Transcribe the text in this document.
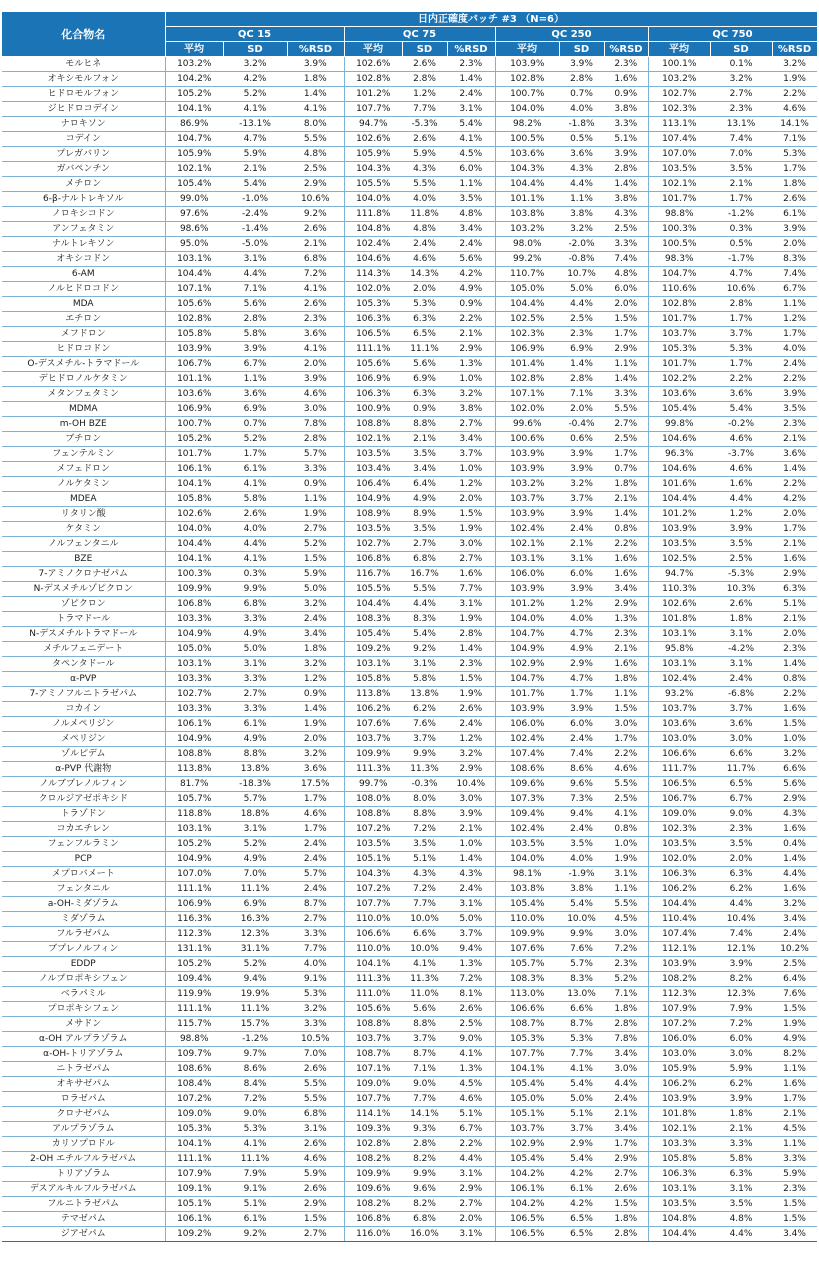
化合物名	日内正確度バッチ #3 （N=6）											
	QC 15			QC 75			QC 250			QC 750		
	平均	SD	%RSD	平均	SD	%RSD	平均	SD	%RSD	平均	SD	%RSD
モルヒネ	103.2%	3.2%	3.9%	102.6%	2.6%	2.3%	103.9%	3.9%	2.3%	100.1%	0.1%	3.2%
オキシモルフォン	104.2%	4.2%	1.8%	102.8%	2.8%	1.4%	102.8%	2.8%	1.6%	103.2%	3.2%	1.9%
ヒドロモルフォン	105.2%	5.2%	1.4%	101.2%	1.2%	2.4%	100.7%	0.7%	0.9%	102.7%	2.7%	2.2%
ジヒドロコデイン	104.1%	4.1%	4.1%	107.7%	7.7%	3.1%	104.0%	4.0%	3.8%	102.3%	2.3%	4.6%
ナロキソン	86.9%	-13.1%	8.0%	94.7%	-5.3%	5.4%	98.2%	-1.8%	3.3%	113.1%	13.1%	14.1%
コデイン	104.7%	4.7%	5.5%	102.6%	2.6%	4.1%	100.5%	0.5%	5.1%	107.4%	7.4%	7.1%
プレガバリン	105.9%	5.9%	4.8%	105.9%	5.9%	4.5%	103.6%	3.6%	3.9%	107.0%	7.0%	5.3%
ガバペンチン	102.1%	2.1%	2.5%	104.3%	4.3%	6.0%	104.3%	4.3%	2.8%	103.5%	3.5%	1.7%
メチロン	105.4%	5.4%	2.9%	105.5%	5.5%	1.1%	104.4%	4.4%	1.4%	102.1%	2.1%	1.8%
6-β-ナルトレキソル	99.0%	-1.0%	10.6%	104.0%	4.0%	3.5%	101.1%	1.1%	3.8%	101.7%	1.7%	2.6%
ノロキシコドン	97.6%	-2.4%	9.2%	111.8%	11.8%	4.8%	103.8%	3.8%	4.3%	98.8%	-1.2%	6.1%
アンフェタミン	98.6%	-1.4%	2.6%	104.8%	4.8%	3.4%	103.2%	3.2%	2.5%	100.3%	0.3%	3.9%
ナルトレキソン	95.0%	-5.0%	2.1%	102.4%	2.4%	2.4%	98.0%	-2.0%	3.3%	100.5%	0.5%	2.0%
オキシコドン	103.1%	3.1%	6.8%	104.6%	4.6%	5.6%	99.2%	-0.8%	7.4%	98.3%	-1.7%	8.3%
6-AM	104.4%	4.4%	7.2%	114.3%	14.3%	4.2%	110.7%	10.7%	4.8%	104.7%	4.7%	7.4%
ノルヒドロコドン	107.1%	7.1%	4.1%	102.0%	2.0%	4.9%	105.0%	5.0%	6.0%	110.6%	10.6%	6.7%
MDA	105.6%	5.6%	2.6%	105.3%	5.3%	0.9%	104.4%	4.4%	2.0%	102.8%	2.8%	1.1%
エチロン	102.8%	2.8%	2.3%	106.3%	6.3%	2.2%	102.5%	2.5%	1.5%	101.7%	1.7%	1.2%
メフドロン	105.8%	5.8%	3.6%	106.5%	6.5%	2.1%	102.3%	2.3%	1.7%	103.7%	3.7%	1.7%
ヒドロコドン	103.9%	3.9%	4.1%	111.1%	11.1%	2.9%	106.9%	6.9%	2.9%	105.3%	5.3%	4.0%
O-デスメチル-トラマドール	106.7%	6.7%	2.0%	105.6%	5.6%	1.3%	101.4%	1.4%	1.1%	101.7%	1.7%	2.4%
デヒドロノルケタミン	101.1%	1.1%	3.9%	106.9%	6.9%	1.0%	102.8%	2.8%	1.4%	102.2%	2.2%	2.2%
メタンフェタミン	103.6%	3.6%	4.6%	106.3%	6.3%	3.2%	107.1%	7.1%	3.3%	103.6%	3.6%	3.9%
MDMA	106.9%	6.9%	3.0%	100.9%	0.9%	3.8%	102.0%	2.0%	5.5%	105.4%	5.4%	3.5%
m-OH BZE	100.7%	0.7%	7.8%	108.8%	8.8%	2.7%	99.6%	-0.4%	2.7%	99.8%	-0.2%	2.3%
ブチロン	105.2%	5.2%	2.8%	102.1%	2.1%	3.4%	100.6%	0.6%	2.5%	104.6%	4.6%	2.1%
フェンテルミン	101.7%	1.7%	5.7%	103.5%	3.5%	3.7%	103.9%	3.9%	1.7%	96.3%	-3.7%	3.6%
メフェドロン	106.1%	6.1%	3.3%	103.4%	3.4%	1.0%	103.9%	3.9%	0.7%	104.6%	4.6%	1.4%
ノルケタミン	104.1%	4.1%	0.9%	106.4%	6.4%	1.2%	103.2%	3.2%	1.8%	101.6%	1.6%	2.2%
MDEA	105.8%	5.8%	1.1%	104.9%	4.9%	2.0%	103.7%	3.7%	2.1%	104.4%	4.4%	4.2%
リタリン酸	102.6%	2.6%	1.9%	108.9%	8.9%	1.5%	103.9%	3.9%	1.4%	101.2%	1.2%	2.0%
ケタミン	104.0%	4.0%	2.7%	103.5%	3.5%	1.9%	102.4%	2.4%	0.8%	103.9%	3.9%	1.7%
ノルフェンタニル	104.4%	4.4%	5.2%	102.7%	2.7%	3.0%	102.1%	2.1%	2.2%	103.5%	3.5%	2.1%
BZE	104.1%	4.1%	1.5%	106.8%	6.8%	2.7%	103.1%	3.1%	1.6%	102.5%	2.5%	1.6%
7-アミノクロナゼパム	100.3%	0.3%	5.9%	116.7%	16.7%	1.6%	106.0%	6.0%	1.6%	94.7%	-5.3%	2.9%
N-デスメチルゾピクロン	109.9%	9.9%	5.0%	105.5%	5.5%	7.7%	103.9%	3.9%	3.4%	110.3%	10.3%	6.3%
ゾピクロン	106.8%	6.8%	3.2%	104.4%	4.4%	3.1%	101.2%	1.2%	2.9%	102.6%	2.6%	5.1%
トラマドール	103.3%	3.3%	2.4%	108.3%	8.3%	1.9%	104.0%	4.0%	1.3%	101.8%	1.8%	2.1%
N-デスメチルトラマドール	104.9%	4.9%	3.4%	105.4%	5.4%	2.8%	104.7%	4.7%	2.3%	103.1%	3.1%	2.0%
メチルフェニデート	105.0%	5.0%	1.8%	109.2%	9.2%	1.4%	104.9%	4.9%	2.1%	95.8%	-4.2%	2.3%
タペンタドール	103.1%	3.1%	3.2%	103.1%	3.1%	2.3%	102.9%	2.9%	1.6%	103.1%	3.1%	1.4%
α-PVP	103.3%	3.3%	1.2%	105.8%	5.8%	1.5%	104.7%	4.7%	1.8%	102.4%	2.4%	0.8%
7-アミノフルニトラゼパム	102.7%	2.7%	0.9%	113.8%	13.8%	1.9%	101.7%	1.7%	1.1%	93.2%	-6.8%	2.2%
コカイン	103.3%	3.3%	1.4%	106.2%	6.2%	2.6%	103.9%	3.9%	1.5%	103.7%	3.7%	1.6%
ノルメペリジン	106.1%	6.1%	1.9%	107.6%	7.6%	2.4%	106.0%	6.0%	3.0%	103.6%	3.6%	1.5%
メペリジン	104.9%	4.9%	2.0%	103.7%	3.7%	1.2%	102.4%	2.4%	1.7%	103.0%	3.0%	1.0%
ゾルピデム	108.8%	8.8%	3.2%	109.9%	9.9%	3.2%	107.4%	7.4%	2.2%	106.6%	6.6%	3.2%
α-PVP 代謝物	113.8%	13.8%	3.6%	111.3%	11.3%	2.9%	108.6%	8.6%	4.6%	111.7%	11.7%	6.6%
ノルブプレノルフィン	81.7%	-18.3%	17.5%	99.7%	-0.3%	10.4%	109.6%	9.6%	5.5%	106.5%	6.5%	5.6%
クロルジアゼポキシド	105.7%	5.7%	1.7%	108.0%	8.0%	3.0%	107.3%	7.3%	2.5%	106.7%	6.7%	2.9%
トラゾドン	118.8%	18.8%	4.6%	108.8%	8.8%	3.9%	109.4%	9.4%	4.1%	109.0%	9.0%	4.3%
コカエチレン	103.1%	3.1%	1.7%	107.2%	7.2%	2.1%	102.4%	2.4%	0.8%	102.3%	2.3%	1.6%
フェンフルラミン	105.2%	5.2%	2.4%	103.5%	3.5%	1.0%	103.5%	3.5%	1.0%	103.5%	3.5%	0.4%
PCP	104.9%	4.9%	2.4%	105.1%	5.1%	1.4%	104.0%	4.0%	1.9%	102.0%	2.0%	1.4%
メプロバメート	107.0%	7.0%	5.7%	104.3%	4.3%	4.3%	98.1%	-1.9%	3.1%	106.3%	6.3%	4.4%
フェンタニル	111.1%	11.1%	2.4%	107.2%	7.2%	2.4%	103.8%	3.8%	1.1%	106.2%	6.2%	1.6%
a-OH-ミダゾラム	106.9%	6.9%	8.7%	107.7%	7.7%	3.1%	105.4%	5.4%	5.5%	104.4%	4.4%	3.2%
ミダゾラム	116.3%	16.3%	2.7%	110.0%	10.0%	5.0%	110.0%	10.0%	4.5%	110.4%	10.4%	3.4%
フルラゼパム	112.3%	12.3%	3.3%	106.6%	6.6%	3.7%	109.9%	9.9%	3.0%	107.4%	7.4%	2.4%
ブプレノルフィン	131.1%	31.1%	7.7%	110.0%	10.0%	9.4%	107.6%	7.6%	7.2%	112.1%	12.1%	10.2%
EDDP	105.2%	5.2%	4.0%	104.1%	4.1%	1.3%	105.7%	5.7%	2.3%	103.9%	3.9%	2.5%
ノルプロポキシフェン	109.4%	9.4%	9.1%	111.3%	11.3%	7.2%	108.3%	8.3%	5.2%	108.2%	8.2%	6.4%
ベラパミル	119.9%	19.9%	5.3%	111.0%	11.0%	8.1%	113.0%	13.0%	7.1%	112.3%	12.3%	7.6%
プロポキシフェン	111.1%	11.1%	3.2%	105.6%	5.6%	2.6%	106.6%	6.6%	1.8%	107.9%	7.9%	1.5%
メサドン	115.7%	15.7%	3.3%	108.8%	8.8%	2.5%	108.7%	8.7%	2.8%	107.2%	7.2%	1.9%
α-OH アルプラゾラム	98.8%	-1.2%	10.5%	103.7%	3.7%	9.0%	105.3%	5.3%	7.8%	106.0%	6.0%	4.9%
α-OH-トリアゾラム	109.7%	9.7%	7.0%	108.7%	8.7%	4.1%	107.7%	7.7%	3.4%	103.0%	3.0%	8.2%
ニトラゼパム	108.6%	8.6%	2.6%	107.1%	7.1%	1.3%	104.1%	4.1%	3.0%	105.9%	5.9%	1.1%
オキサゼパム	108.4%	8.4%	5.5%	109.0%	9.0%	4.5%	105.4%	5.4%	4.4%	106.2%	6.2%	1.6%
ロラゼパム	107.2%	7.2%	5.5%	107.7%	7.7%	4.6%	105.0%	5.0%	2.4%	103.9%	3.9%	1.7%
クロナゼパム	109.0%	9.0%	6.8%	114.1%	14.1%	5.1%	105.1%	5.1%	2.1%	101.8%	1.8%	2.1%
アルプラゾラム	105.3%	5.3%	3.1%	109.3%	9.3%	6.7%	103.7%	3.7%	3.4%	102.1%	2.1%	4.5%
カリソプロドル	104.1%	4.1%	2.6%	102.8%	2.8%	2.2%	102.9%	2.9%	1.7%	103.3%	3.3%	1.1%
2-OH エチルフルラゼパム	111.1%	11.1%	4.6%	108.2%	8.2%	4.4%	105.4%	5.4%	2.9%	105.8%	5.8%	3.3%
トリアゾラム	107.9%	7.9%	5.9%	109.9%	9.9%	3.1%	104.2%	4.2%	2.7%	106.3%	6.3%	5.9%
デスアルキルフルラゼパム	109.1%	9.1%	2.6%	109.6%	9.6%	2.9%	106.1%	6.1%	2.6%	103.1%	3.1%	2.3%
フルニトラゼパム	105.1%	5.1%	2.9%	108.2%	8.2%	2.7%	104.2%	4.2%	1.5%	103.5%	3.5%	1.5%
テマゼパム	106.1%	6.1%	1.5%	106.8%	6.8%	2.0%	106.5%	6.5%	1.8%	104.8%	4.8%	1.5%
ジアゼパム	109.2%	9.2%	2.7%	116.0%	16.0%	3.1%	106.5%	6.5%	2.8%	104.4%	4.4%	3.4%
